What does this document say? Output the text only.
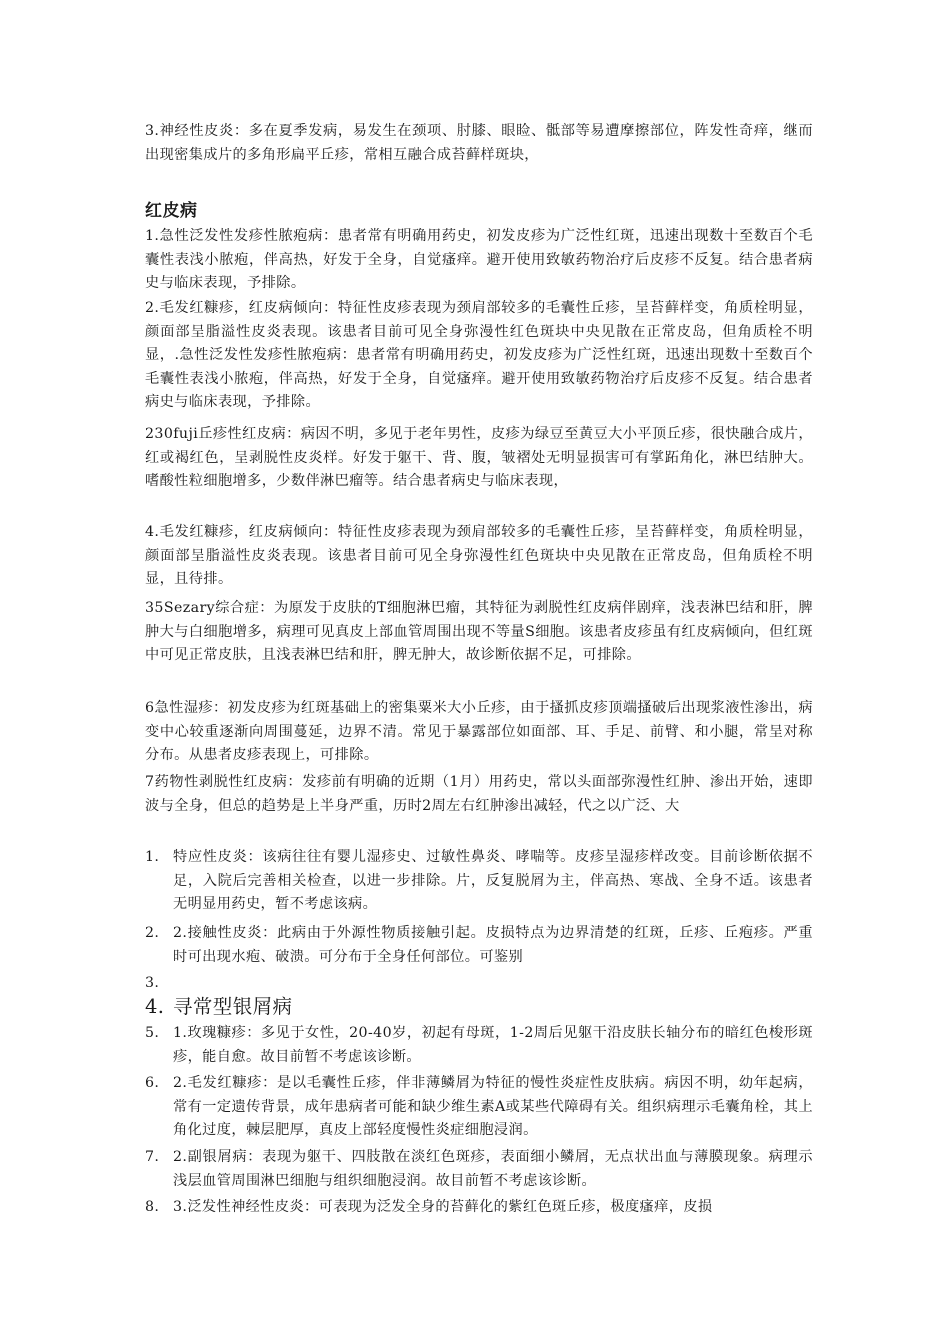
3.神经性皮炎：多在夏季发病，易发生在颈项、肘膝、眼睑、骶部等易遭摩擦部位，阵发性奇痒，继而出现密集成片的多角形扁平丘疹，常相互融合成苔藓样斑块，

红皮病

1.急性泛发性发疹性脓疱病：患者常有明确用药史，初发皮疹为广泛性红斑，迅速出现数十至数百个毛囊性表浅小脓疱，伴高热，好发于全身，自觉瘙痒。避开使用致敏药物治疗后皮疹不反复。结合患者病史与临床表现，予排除。

2.毛发红糠疹，红皮病倾向：特征性皮疹表现为颈肩部较多的毛囊性丘疹，呈苔藓样变，角质栓明显，颜面部呈脂溢性皮炎表现。该患者目前可见全身弥漫性红色斑块中央见散在正常皮岛，但角质栓不明显，.急性泛发性发疹性脓疱病：患者常有明确用药史，初发皮疹为广泛性红斑，迅速出现数十至数百个毛囊性表浅小脓疱，伴高热，好发于全身，自觉瘙痒。避开使用致敏药物治疗后皮疹不反复。结合患者病史与临床表现，予排除。

230fuji丘疹性红皮病：病因不明，多见于老年男性，皮疹为绿豆至黄豆大小平顶丘疹，很快融合成片，红或褐红色，呈剥脱性皮炎样。好发于躯干、背、腹，皱褶处无明显损害可有掌跖角化，淋巴结肿大。嗜酸性粒细胞增多，少数伴淋巴瘤等。结合患者病史与临床表现，

4.毛发红糠疹，红皮病倾向：特征性皮疹表现为颈肩部较多的毛囊性丘疹，呈苔藓样变，角质栓明显，颜面部呈脂溢性皮炎表现。该患者目前可见全身弥漫性红色斑块中央见散在正常皮岛，但角质栓不明显，且待排。

35Sezary综合症：为原发于皮肤的T细胞淋巴瘤，其特征为剥脱性红皮病伴剧痒，浅表淋巴结和肝，脾肿大与白细胞增多，病理可见真皮上部血管周围出现不等量S细胞。该患者皮疹虽有红皮病倾向，但红斑中可见正常皮肤，且浅表淋巴结和肝，脾无肿大，故诊断依据不足，可排除。

6急性湿疹：初发皮疹为红斑基础上的密集粟米大小丘疹，由于搔抓皮疹顶端搔破后出现浆液性渗出，病变中心较重逐渐向周围蔓延，边界不清。常见于暴露部位如面部、耳、手足、前臂、和小腿，常呈对称分布。从患者皮疹表现上，可排除。

7药物性剥脱性红皮病：发疹前有明确的近期（1月）用药史，常以头面部弥漫性红肿、渗出开始，速即波与全身，但总的趋势是上半身严重，历时2周左右红肿渗出减轻，代之以广泛、大

1. 特应性皮炎：该病往往有婴儿湿疹史、过敏性鼻炎、哮喘等。皮疹呈湿疹样改变。目前诊断依据不足，入院后完善相关检查，以进一步排除。片，反复脱屑为主，伴高热、寒战、全身不适。该患者无明显用药史，暂不考虑该病。
2. 2.接触性皮炎：此病由于外源性物质接触引起。皮损特点为边界清楚的红斑，丘疹、丘疱疹。严重时可出现水疱、破溃。可分布于全身任何部位。可鉴别
3.
4. 寻常型银屑病
5. 1.玫瑰糠疹：多见于女性，20-40岁，初起有母斑，1-2周后见躯干沿皮肤长轴分布的暗红色梭形斑疹，能自愈。故目前暂不考虑该诊断。
6. 2.毛发红糠疹：是以毛囊性丘疹，伴非薄鳞屑为特征的慢性炎症性皮肤病。病因不明，幼年起病，常有一定遗传背景，成年患病者可能和缺少维生素A或某些代障碍有关。组织病理示毛囊角栓，其上角化过度，棘层肥厚，真皮上部轻度慢性炎症细胞浸润。
7. 2.副银屑病：表现为躯干、四肢散在淡红色斑疹，表面细小鳞屑，无点状出血与薄膜现象。病理示浅层血管周围淋巴细胞与组织细胞浸润。故目前暂不考虑该诊断。
8. 3.泛发性神经性皮炎：可表现为泛发全身的苔藓化的紫红色斑丘疹，极度瘙痒，皮损
